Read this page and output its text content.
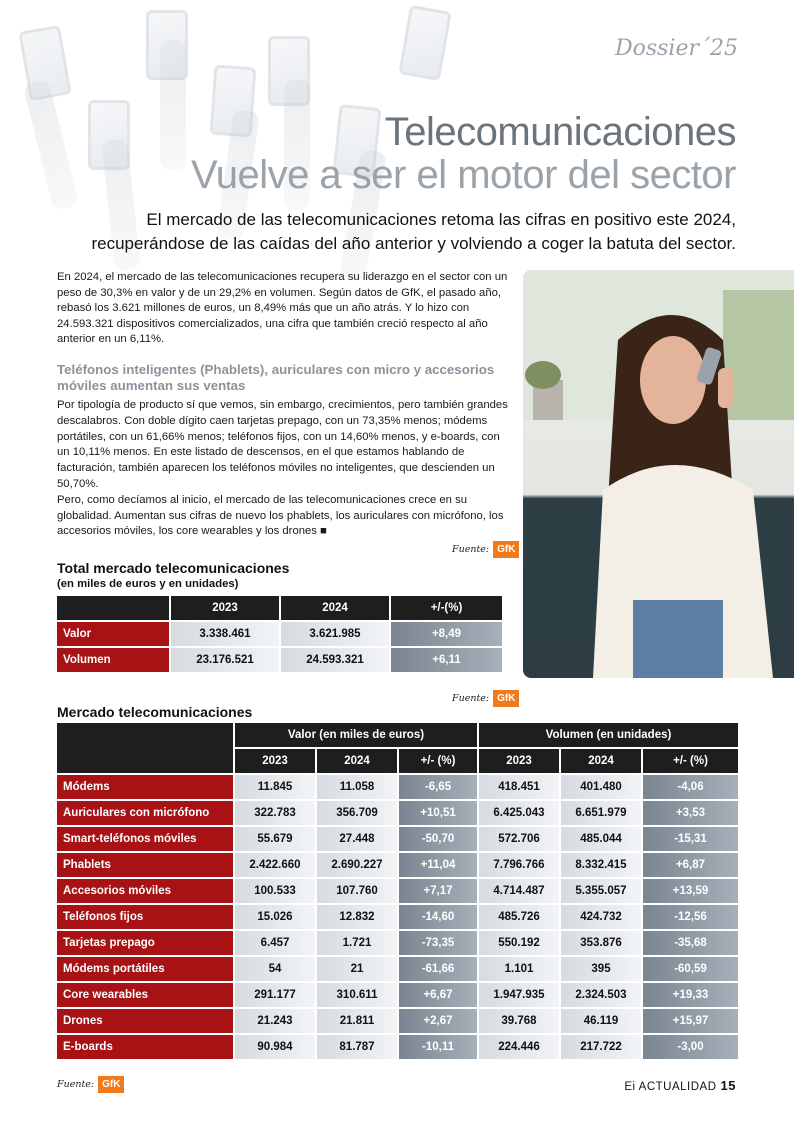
Dossier´25
Telecomunicaciones
Vuelve a ser el motor del sector
El mercado de las telecomunicaciones retoma las cifras en positivo este 2024, recuperándose de las caídas del año anterior y volviendo a coger la batuta del sector.
En 2024, el mercado de las telecomunicaciones recupera su liderazgo en el sector con un peso de 30,3% en valor y de un 29,2% en volumen. Según datos de GfK, el pasado año, rebasó los 3.621 millones de euros, un 8,49% más que un año atrás. Y lo hizo con 24.593.321 dispositivos comercializados, una cifra que también creció respecto al año anterior en un 6,11%.
Teléfonos inteligentes (Phablets), auriculares con micro y accesorios móviles aumentan sus ventas

Por tipología de producto sí que vemos, sin embargo, crecimientos, pero también grandes descalabros. Con doble dígito caen tarjetas prepago, con un 73,35% menos; módems portátiles, con un 61,66% menos; teléfonos fijos, con un 14,60% menos, y e-boards, con un 10,11% menos. En este listado de descensos, en el que estamos hablando de facturación, también aparecen los teléfonos móviles no inteligentes, que descienden un 50,70%.

Pero, como decíamos al inicio, el mercado de las telecomunicaciones crece en su globalidad. Aumentan sus cifras de nuevo los phablets, los auriculares con micrófono, los accesorios móviles, los core wearables y los drones ■

Fuente: GfK
Total mercado telecomunicaciones
(en miles de euros y en unidades)
	2023	2024	+/-(%)
Valor	3.338.461	3.621.985	+8,49
Volumen	23.176.521	24.593.321	+6,11
Fuente: GfK
Mercado telecomunicaciones
	Valor (en miles de euros)			Volumen (en unidades)		
	2023	2024	+/- (%)	2023	2024	+/- (%)
Módems	11.845	11.058	-6,65	418.451	401.480	-4,06
Auriculares con micrófono	322.783	356.709	+10,51	6.425.043	6.651.979	+3,53
Smart-teléfonos móviles	55.679	27.448	-50,70	572.706	485.044	-15,31
Phablets	2.422.660	2.690.227	+11,04	7.796.766	8.332.415	+6,87
Accesorios móviles	100.533	107.760	+7,17	4.714.487	5.355.057	+13,59
Teléfonos fijos	15.026	12.832	-14,60	485.726	424.732	-12,56
Tarjetas prepago	6.457	1.721	-73,35	550.192	353.876	-35,68
Módems portátiles	54	21	-61,66	1.101	395	-60,59
Core wearables	291.177	310.611	+6,67	1.947.935	2.324.503	+19,33
Drones	21.243	21.811	+2,67	39.768	46.119	+15,97
E-boards	90.984	81.787	-10,11	224.446	217.722	-3,00
Fuente: GfK	Ei ACTUALIDAD 15
